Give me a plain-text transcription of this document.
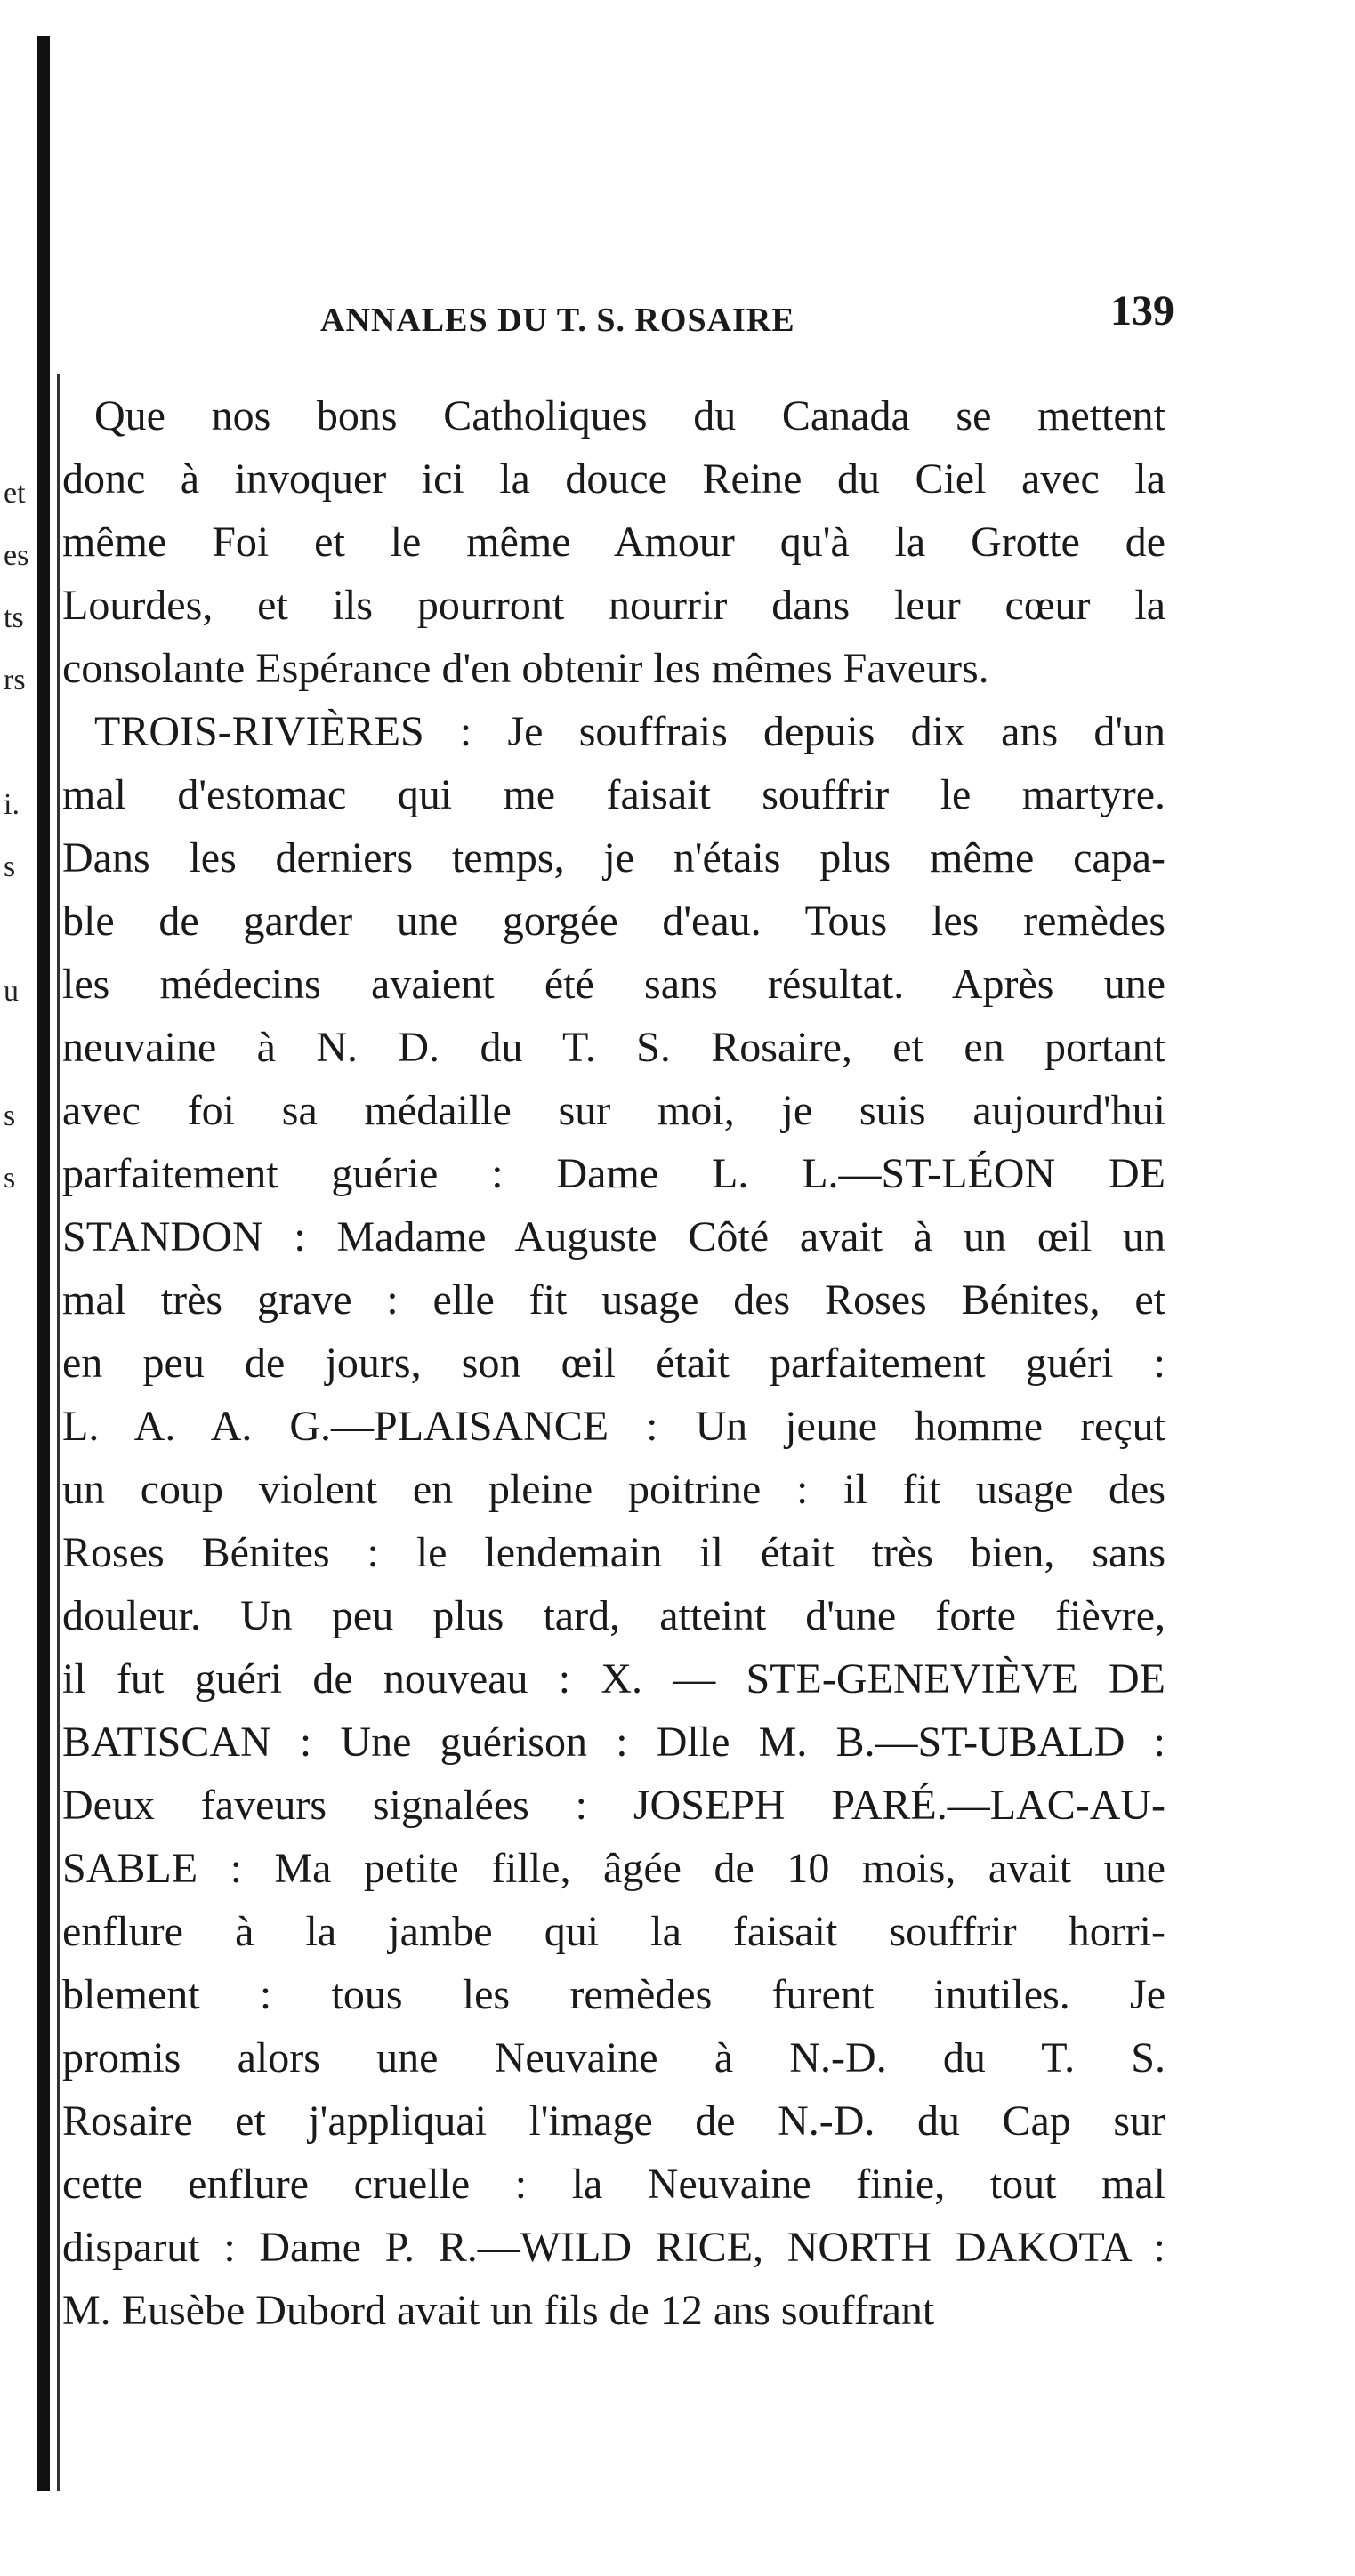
et
es
ts
rs
i.
s
u
s
s
ANNALES DU T. S. ROSAIRE	139
Que nos bons Catholiques du Canada se mettent
donc à invoquer ici la douce Reine du Ciel avec la
même Foi et le même Amour qu'à la Grotte de
Lourdes, et ils pourront nourrir dans leur cœur la
consolante Espérance d'en obtenir les mêmes Faveurs.
TROIS-RIVIÈRES : Je souffrais depuis dix ans d'un
mal d'estomac qui me faisait souffrir le martyre.
Dans les derniers temps, je n'étais plus même capa-
ble de garder une gorgée d'eau. Tous les remèdes
les médecins avaient été sans résultat. Après une
neuvaine à N. D. du T. S. Rosaire, et en portant
avec foi sa médaille sur moi, je suis aujourd'hui
parfaitement guérie : Dame L. L.—ST-LÉON DE
STANDON : Madame Auguste Côté avait à un œil un
mal très grave : elle fit usage des Roses Bénites, et
en peu de jours, son œil était parfaitement guéri :
L. A. A. G.—PLAISANCE : Un jeune homme reçut
un coup violent en pleine poitrine : il fit usage des
Roses Bénites : le lendemain il était très bien, sans
douleur. Un peu plus tard, atteint d'une forte fièvre,
il fut guéri de nouveau : X. — STE-GENEVIÈVE DE
BATISCAN : Une guérison : Dlle M. B.—ST-UBALD :
Deux faveurs signalées : JOSEPH PARÉ.—LAC-AU-
SABLE : Ma petite fille, âgée de 10 mois, avait une
enflure à la jambe qui la faisait souffrir horri-
blement : tous les remèdes furent inutiles. Je
promis alors une Neuvaine à N.-D. du T. S.
Rosaire et j'appliquai l'image de N.-D. du Cap sur
cette enflure cruelle : la Neuvaine finie, tout mal
disparut : Dame P. R.—WILD RICE, NORTH DAKOTA :
M. Eusèbe Dubord avait un fils de 12 ans souffrant
